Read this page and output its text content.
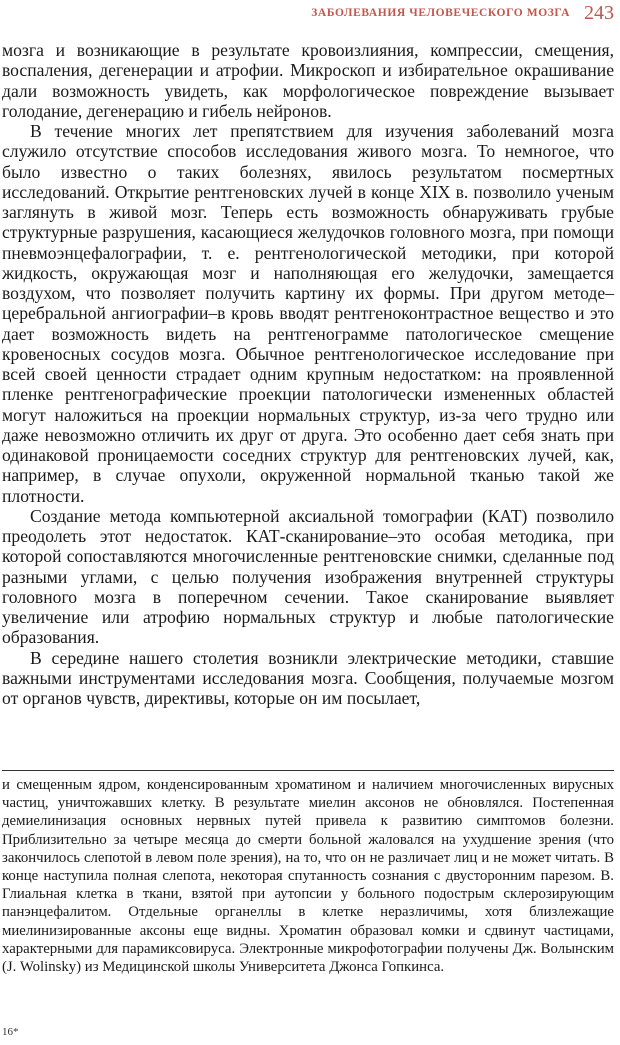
ЗАБОЛЕВАНИЯ ЧЕЛОВЕЧЕСКОГО МОЗГА 243

мозга и возникающие в результате кровоизлияния, компрессии, смещения, воспаления, дегенерации и атрофии. Микроскоп и избирательное окрашивание дали возможность увидеть, как морфологическое повреждение вызывает голодание, дегенерацию и гибель нейронов.

В течение многих лет препятствием для изучения заболеваний мозга служило отсутствие способов исследования живого мозга. То немногое, что было известно о таких болезнях, явилось результатом посмертных исследований. Открытие рентгеновских лучей в конце XIX в. позволило ученым заглянуть в живой мозг. Теперь есть возможность обнаруживать грубые структурные разрушения, касающиеся желудочков головного мозга, при помощи пневмоэнцефалографии, т. е. рентгенологической методики, при которой жидкость, окружающая мозг и наполняющая его желудочки, замещается воздухом, что позволяет получить картину их формы. При другом методе–церебральной ангиографии–в кровь вводят рентгеноконтрастное вещество и это дает возможность видеть на рентгенограмме патологическое смещение кровеносных сосудов мозга. Обычное рентгенологическое исследование при всей своей ценности страдает одним крупным недостатком: на проявленной пленке рентгенографические проекции патологически измененных областей могут наложиться на проекции нормальных структур, из-за чего трудно или даже невозможно отличить их друг от друга. Это особенно дает себя знать при одинаковой проницаемости соседних структур для рентгеновских лучей, как, например, в случае опухоли, окруженной нормальной тканью такой же плотности.

Создание метода компьютерной аксиальной томографии (КАТ) позволило преодолеть этот недостаток. КАТ-сканирование–это особая методика, при которой сопоставляются многочисленные рентгеновские снимки, сделанные под разными углами, с целью получения изображения внутренней структуры головного мозга в поперечном сечении. Такое сканирование выявляет увеличение или атрофию нормальных структур и любые патологические образования.

В середине нашего столетия возникли электрические методики, ставшие важными инструментами исследования мозга. Сообщения, получаемые мозгом от органов чувств, директивы, которые он им посылает,

и смещенным ядром, конденсированным хроматином и наличием многочисленных вирусных частиц, уничтожавших клетку. В результате миелин аксонов не обновлялся. Постепенная демиелинизация основных нервных путей привела к развитию симптомов болезни. Приблизительно за четыре месяца до смерти больной жаловался на ухудшение зрения (что закончилось слепотой в левом поле зрения), на то, что он не различает лиц и не может читать. В конце наступила полная слепота, некоторая спутанность сознания с двусторонним парезом. В. Глиальная клетка в ткани, взятой при аутопсии у больного подострым склерозирующим панэнцефалитом. Отдельные органеллы в клетке неразличимы, хотя близлежащие миелинизированные аксоны еще видны. Хроматин образовал комки и сдвинут частицами, характерными для парамиксовируса. Электронные микрофотографии получены Дж. Волынским (J. Wolinsky) из Медицинской школы Университета Джонса Гопкинса.

16*
